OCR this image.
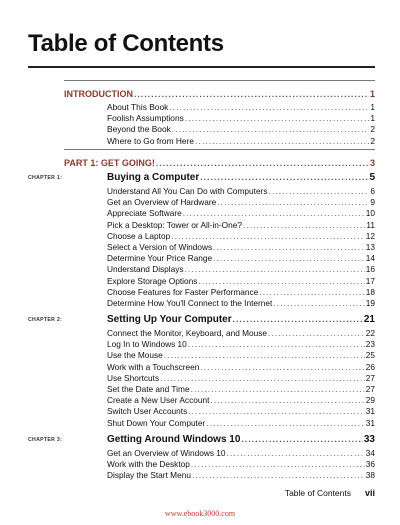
Table of Contents
INTRODUCTION . . .	1
About This Book . . .	1
Foolish Assumptions . . .	1
Beyond the Book . . .	2
Where to Go from Here . . .	2
PART 1: GET GOING! . . .	3
CHAPTER 1:	Buying a Computer . . .	5
Understand All You Can Do with Computers . . .	6
Get an Overview of Hardware . . .	9
Appreciate Software . . .	10
Pick a Desktop: Tower or All-in-One? . . .	11
Choose a Laptop . . .	12
Select a Version of Windows . . .	13
Determine Your Price Range . . .	14
Understand Displays . . .	16
Explore Storage Options . . .	17
Choose Features for Faster Performance . . .	18
Determine How You'll Connect to the Internet . . .	19
CHAPTER 2:	Setting Up Your Computer . . .	21
Connect the Monitor, Keyboard, and Mouse . . .	22
Log In to Windows 10 . . .	23
Use the Mouse . . .	25
Work with a Touchscreen . . .	26
Use Shortcuts . . .	27
Set the Date and Time . . .	27
Create a New User Account . . .	29
Switch User Accounts . . .	31
Shut Down Your Computer . . .	31
CHAPTER 3:	Getting Around Windows 10 . . .	33
Get an Overview of Windows 10 . . .	34
Work with the Desktop . . .	36
Display the Start Menu . . .	38
Table of Contents vii
www.ebook3000.com
